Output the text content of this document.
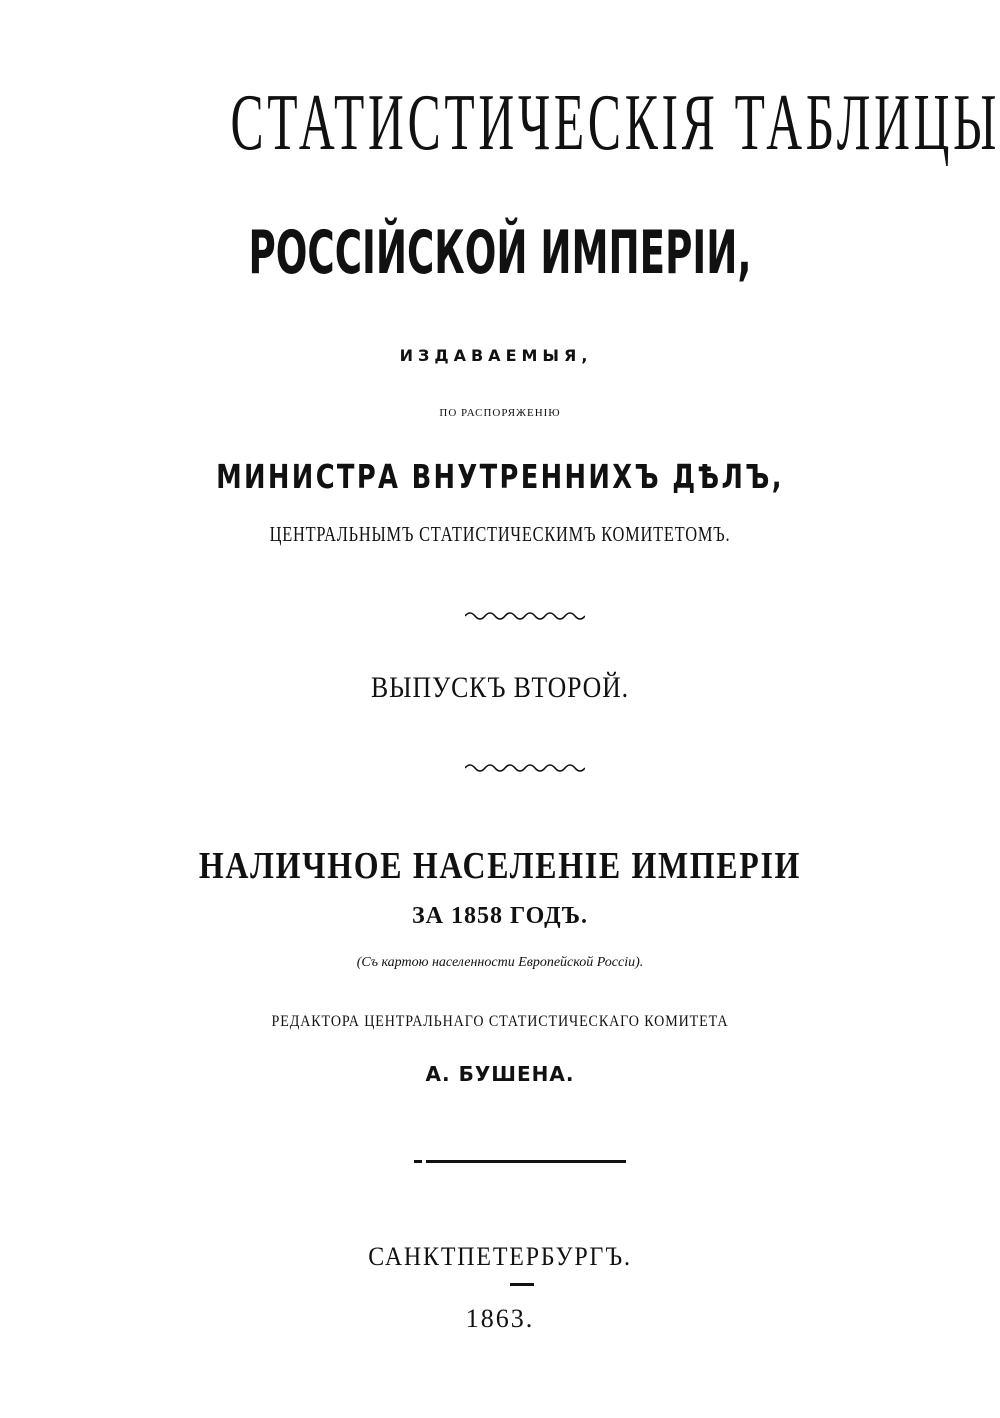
СТАТИСТИЧЕСКІЯ ТАБЛИЦЫ
РОССІЙСКОЙ ИМПЕРІИ,
ИЗДАВАЕМЫЯ,
ПО РАСПОРЯЖЕНІЮ
МИНИСТРА ВНУТРЕННИХЪ ДѢЛЪ,
ЦЕНТРАЛЬНЫМЪ СТАТИСТИЧЕСКИМЪ КОМИТЕТОМЪ.
ВЫПУСКЪ ВТОРОЙ.
НАЛИЧНОЕ НАСЕЛЕНІЕ ИМПЕРІИ
ЗА 1858 ГОДЪ.
(Съ картою населенности Европейской Россіи).
РЕДАКТОРА ЦЕНТРАЛЬНАГО СТАТИСТИЧЕСКАГО КОМИТЕТА
А. БУШЕНА.
САНКТПЕТЕРБУРГЪ.
1863.
